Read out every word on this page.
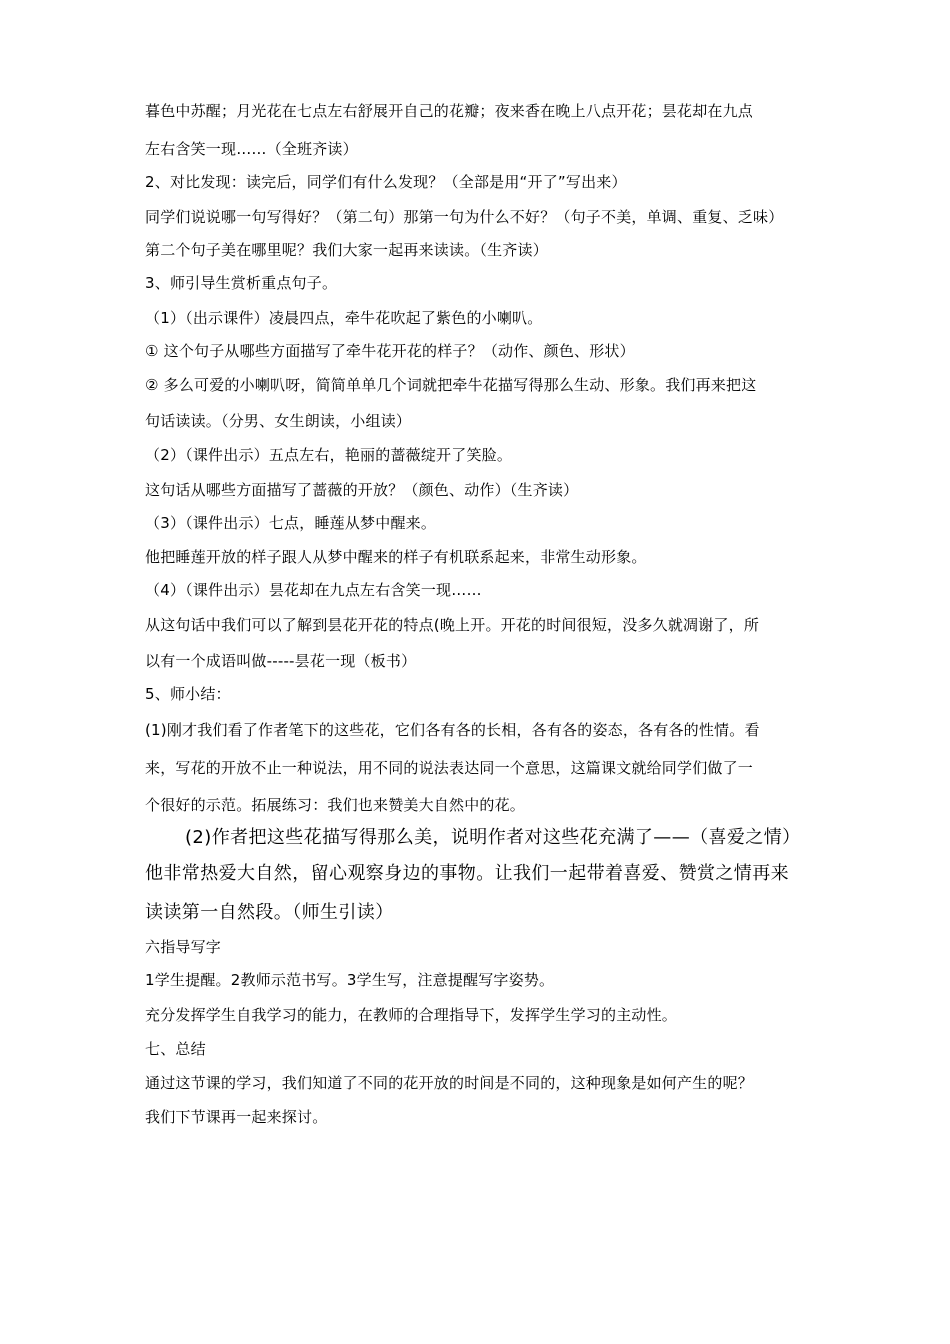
暮色中苏醒；月光花在七点左右舒展开自己的花瓣；夜来香在晚上八点开花；昙花却在九点
左右含笑一现……（全班齐读）
2、对比发现：读完后，同学们有什么发现？（全部是用“开了”写出来）
同学们说说哪一句写得好？（第二句）那第一句为什么不好？（句子不美，单调、重复、乏味）
第二个句子美在哪里呢？我们大家一起再来读读。（生齐读）
3、师引导生赏析重点句子。
（1）（出示课件）凌晨四点，牵牛花吹起了紫色的小喇叭。
① 这个句子从哪些方面描写了牵牛花开花的样子？（动作、颜色、形状）
② 多么可爱的小喇叭呀，简简单单几个词就把牵牛花描写得那么生动、形象。我们再来把这
句话读读。（分男、女生朗读，小组读）
（2）（课件出示）五点左右，艳丽的蔷薇绽开了笑脸。
这句话从哪些方面描写了蔷薇的开放？（颜色、动作）（生齐读）
（3）（课件出示）七点，睡莲从梦中醒来。
他把睡莲开放的样子跟人从梦中醒来的样子有机联系起来，非常生动形象。
（4）（课件出示）昙花却在九点左右含笑一现……
从这句话中我们可以了解到昙花开花的特点(晚上开。开花的时间很短，没多久就凋谢了，所
以有一个成语叫做-----昙花一现（板书）
5、师小结：
(1)刚才我们看了作者笔下的这些花，它们各有各的长相，各有各的姿态，各有各的性情。看
来，写花的开放不止一种说法，用不同的说法表达同一个意思，这篇课文就给同学们做了一
个很好的示范。拓展练习：我们也来赞美大自然中的花。
(2)作者把这些花描写得那么美，说明作者对这些花充满了——（喜爱之情）
他非常热爱大自然，留心观察身边的事物。让我们一起带着喜爱、赞赏之情再来
读读第一自然段。（师生引读）
六指导写字
1学生提醒。2教师示范书写。3学生写，注意提醒写字姿势。
充分发挥学生自我学习的能力，在教师的合理指导下，发挥学生学习的主动性。
七、总结
通过这节课的学习，我们知道了不同的花开放的时间是不同的，这种现象是如何产生的呢？
我们下节课再一起来探讨。
